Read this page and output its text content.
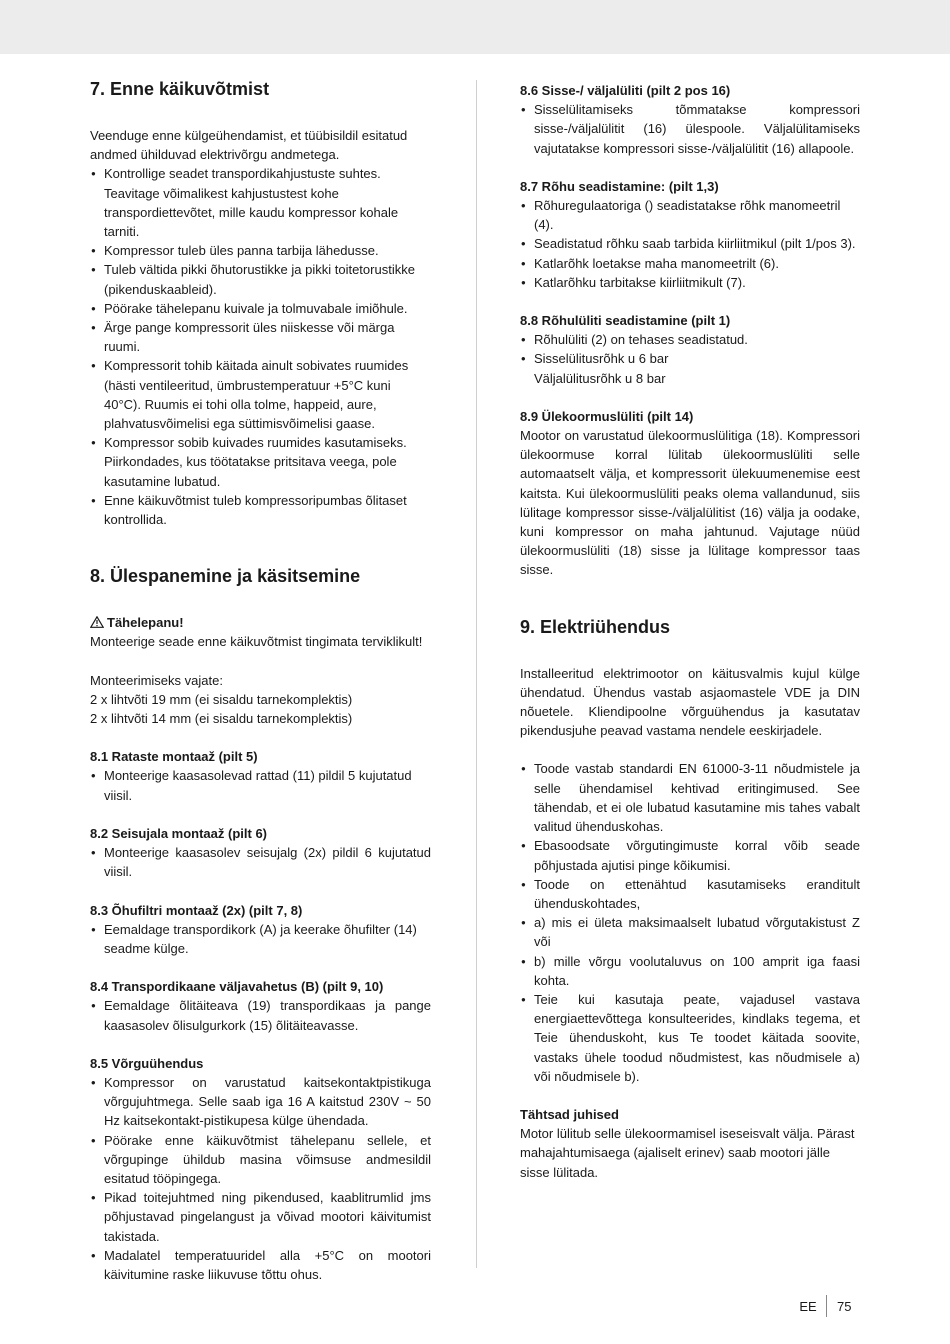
7. Enne käikuvõtmist

Veenduge enne külgeühendamist, et tüübisildil esitatud andmed ühilduvad elektrivõrgu andmetega.

● Kontrollige seadet transpordikahjustuste suhtes. Teavitage võimalikest kahjustustest kohe transpordiettevõtet, mille kaudu kompressor kohale tarniti.
● Kompressor tuleb üles panna tarbija lähedusse.
● Tuleb vältida pikki õhutorustikke ja pikki toitetorustikke (pikenduskaableid).
● Pöörake tähelepanu kuivale ja tolmuvabale imiõhule.
● Ärge pange kompressorit üles niiskesse või märga ruumi.
● Kompressorit tohib käitada ainult sobivates ruumides (hästi ventileeritud, ümbrustemperatuur +5°C kuni 40°C). Ruumis ei tohi olla tolme, happeid, aure, plahvatusvõimelisi ega süttimisvõimelisi gaase.
● Kompressor sobib kuivades ruumides kasutamiseks. Piirkondades, kus töötatakse pritsitava veega, pole kasutamine lubatud.
● Enne käikuvõtmist tuleb kompressoripumbas õlitaset kontrollida.
8. Ülespanemine ja käsitsemine
Tähelepanu!

Monteerige seade enne käikuvõtmist tingimata terviklikult!

Monteerimiseks vajate:

2 x lihtvõti 19 mm (ei sisaldu tarnekomplektis)

2 x lihtvõti 14 mm (ei sisaldu tarnekomplektis)

8.1 Rataste montaaž (pilt 5)
• Monteerige kaasasolevad rattad (11) pildil 5 kujutatud viisil.
8.2 Seisujala montaaž (pilt 6)
• Monteerige kaasasolev seisujalg (2x) pildil 6 kujutatud viisil.
8.3 Õhufiltri montaaž (2x) (pilt 7, 8)
● Eemaldage transpordikork (A) ja keerake õhufilter (14) seadme külge.
8.4 Transpordikaane väljavahetus (B) (pilt 9, 10)
● Eemaldage õlitäiteava (19) transpordikaas ja pange kaasasolev õlisulgurkork (15) õlitäiteavasse.
8.5 Võrguühendus
• Kompressor on varustatud kaitsekontaktpistikuga võrgujuhtmega. Selle saab iga 16 A kaitstud 230V ~ 50 Hz kaitsekontakt-pistikupesa külge ühendada.
• Pöörake enne käikuvõtmist tähelepanu sellele, et võrgupinge ühildub masina võimsuse andmesildil esitatud tööpingega.
• Pikad toitejuhtmed ning pikendused, kaablitrumlid jms põhjustavad pingelangust ja võivad mootori käivitumist takistada.
• Madalatel temperatuuridel alla +5°C on mootori käivitumine raske liikuvuse tõttu ohus.
8.6 Sisse-/ väljalüliti (pilt 2 pos 16)
• Sisselülitamiseks tõmmatakse kompressori sisse-/väljalülitit (16) ülespoole. Väljalülitamiseks vajutatakse kompressori sisse-/väljalülitit (16) allapoole.
8.7 Rõhu seadistamine: (pilt 1,3)
• Rõhuregulaatoriga () seadistatakse rõhk manomeetril (4).
• Seadistatud rõhku saab tarbida kiirliitmikul (pilt 1/pos 3).
• Katlarõhk loetakse maha manomeetrilt (6).
● Katlarõhku tarbitakse kiirliitmikult (7).
8.8 Rõhulüliti seadistamine (pilt 1)
• Rõhulüliti (2) on tehases seadistatud.
• Sisselülitusrõhk u 6 bar
Väljalülitusrõhk u 8 bar
8.9 Ülekoormuslüliti (pilt 14)

Mootor on varustatud ülekoormuslülitiga (18). Kompressori ülekoormuse korral lülitab ülekoormuslüliti selle automaatselt välja, et kompressorit ülekuumenemise eest kaitsta. Kui ülekoormuslüliti peaks olema vallandunud, siis lülitage kompressor sisse-/väljalülitist (16) välja ja oodake, kuni kompressor on maha jahtunud. Vajutage nüüd ülekoormuslüliti (18) sisse ja lülitage kompressor taas sisse.

9. Elektriühendus

Installeeritud elektrimootor on käitusvalmis kujul külge ühendatud. Ühendus vastab asjaomastele VDE ja DIN nõuetele. Kliendipoolne võrguühendus ja kasutatav pikendusjuhe peavad vastama nendele eeskirjadele.

● Toode vastab standardi EN 61000-3-11 nõudmistele ja selle ühendamisel kehtivad eritingimused. See tähendab, et ei ole lubatud kasutamine mis tahes vabalt valitud ühenduskohas.
● Ebasoodsate võrgutingimuste korral võib seade põhjustada ajutisi pinge kõikumisi.
● Toode on ettenähtud kasutamiseks eranditult ühenduskohtades,
● a) mis ei ületa maksimaalselt lubatud võrgutakistust Z või
● b) mille võrgu voolutaluvus on 100 amprit iga faasi kohta.
● Teie kui kasutaja peate, vajadusel vastava energiaettevõttega konsulteerides, kindlaks tegema, et Teie ühenduskoht, kus Te toodet käitada soovite, vastaks ühele toodud nõudmistest, kas nõudmisele a) või nõudmisele b).
Tähtsad juhised

Motor lülitub selle ülekoormamisel iseseisvalt välja. Pärast mahajahtumisaega (ajaliselt erinev) saab mootori jälle sisse lülitada.

EE	75
